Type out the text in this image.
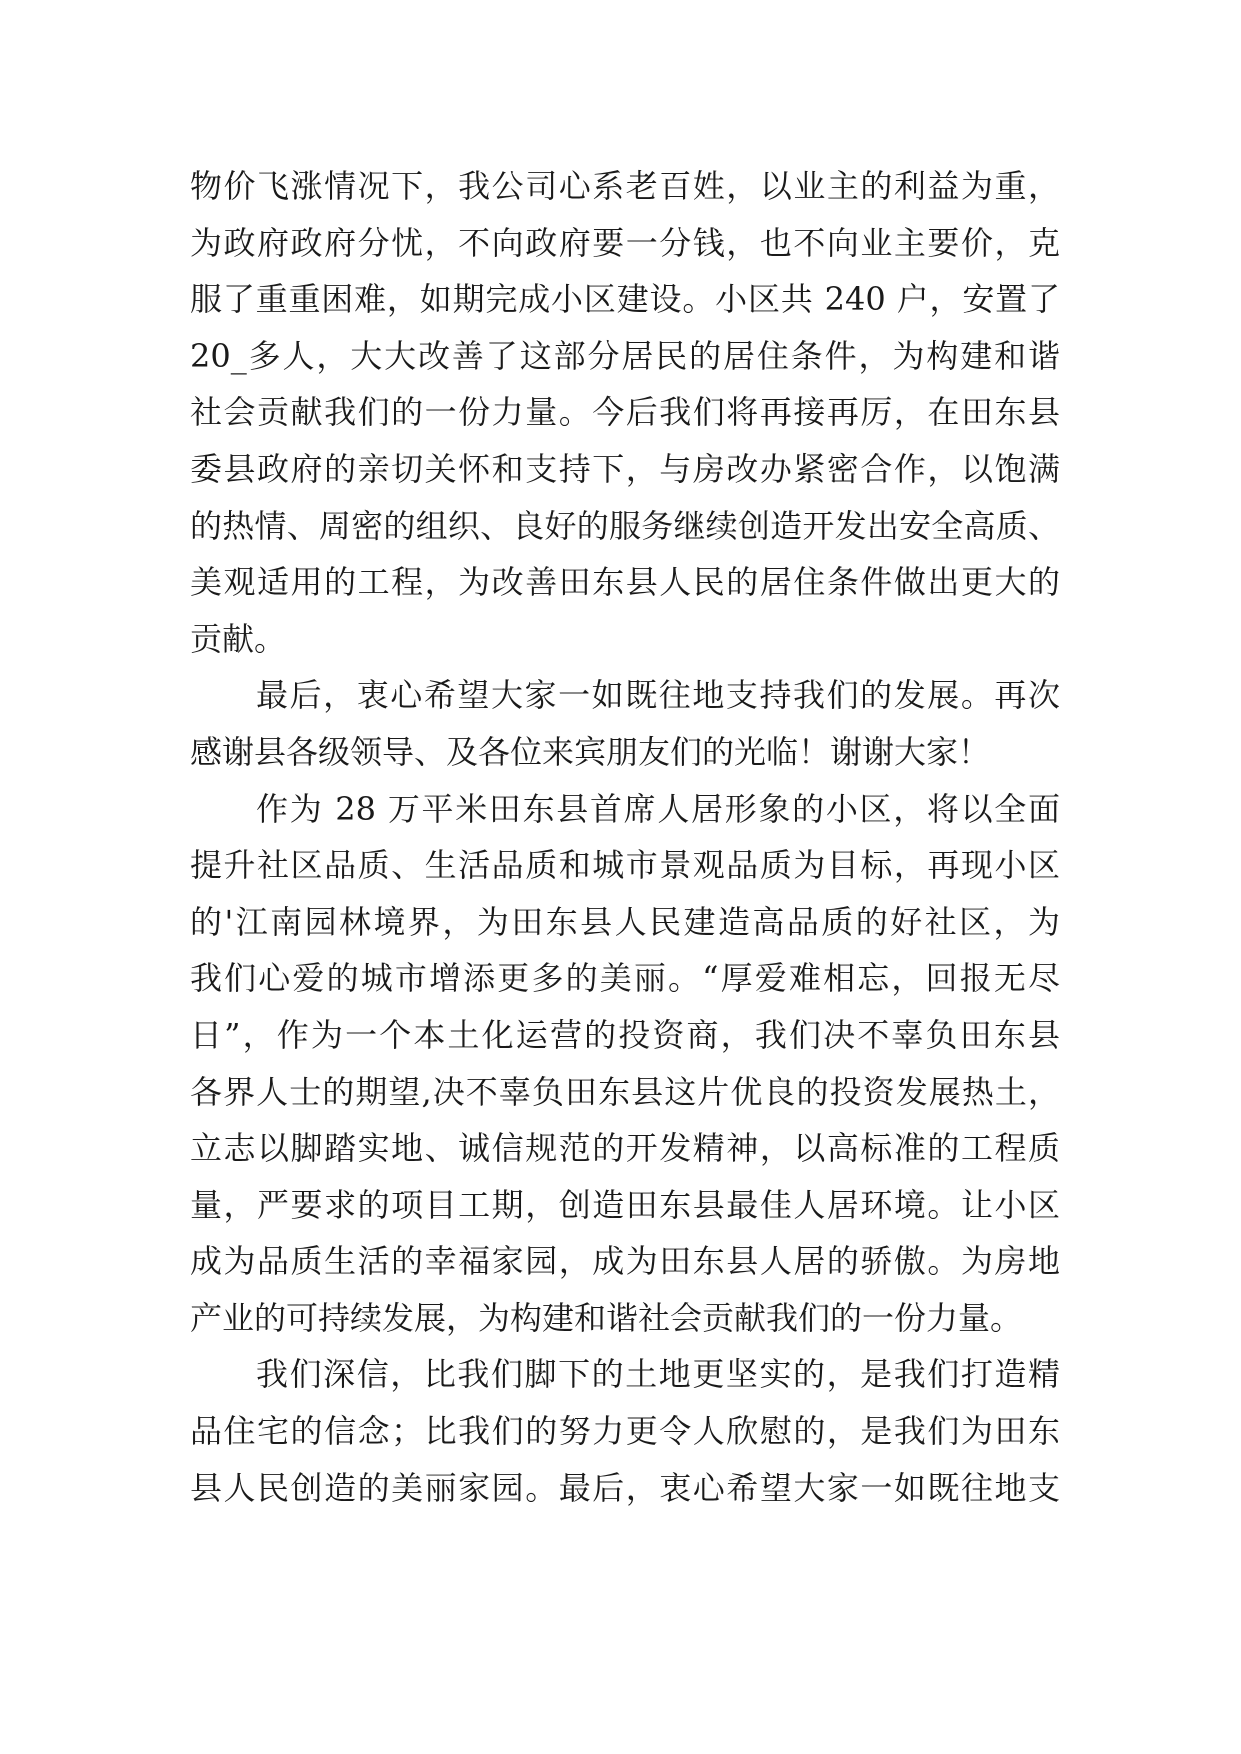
物价飞涨情况下，我公司心系老百姓，以业主的利益为重，
为政府政府分忧，不向政府要一分钱，也不向业主要价，克
服了重重困难，如期完成小区建设。小区共 240 户，安置了
20_多人，大大改善了这部分居民的居住条件，为构建和谐
社会贡献我们的一份力量。今后我们将再接再厉，在田东县
委县政府的亲切关怀和支持下，与房改办紧密合作，以饱满
的热情、周密的组织、良好的服务继续创造开发出安全高质、
美观适用的工程，为改善田东县人民的居住条件做出更大的
贡献。
最后，衷心希望大家一如既往地支持我们的发展。再次
感谢县各级领导、及各位来宾朋友们的光临！谢谢大家！
作为 28 万平米田东县首席人居形象的小区，将以全面
提升社区品质、生活品质和城市景观品质为目标，再现小区
的'江南园林境界，为田东县人民建造高品质的好社区，为
我们心爱的城市增添更多的美丽。“厚爱难相忘，回报无尽
日”，作为一个本土化运营的投资商，我们决不辜负田东县
各界人士的期望,决不辜负田东县这片优良的投资发展热土，
立志以脚踏实地、诚信规范的开发精神，以高标准的工程质
量，严要求的项目工期，创造田东县最佳人居环境。让小区
成为品质生活的幸福家园，成为田东县人居的骄傲。为房地
产业的可持续发展，为构建和谐社会贡献我们的一份力量。
我们深信，比我们脚下的土地更坚实的，是我们打造精
品住宅的信念；比我们的努力更令人欣慰的，是我们为田东
县人民创造的美丽家园。最后，衷心希望大家一如既往地支
